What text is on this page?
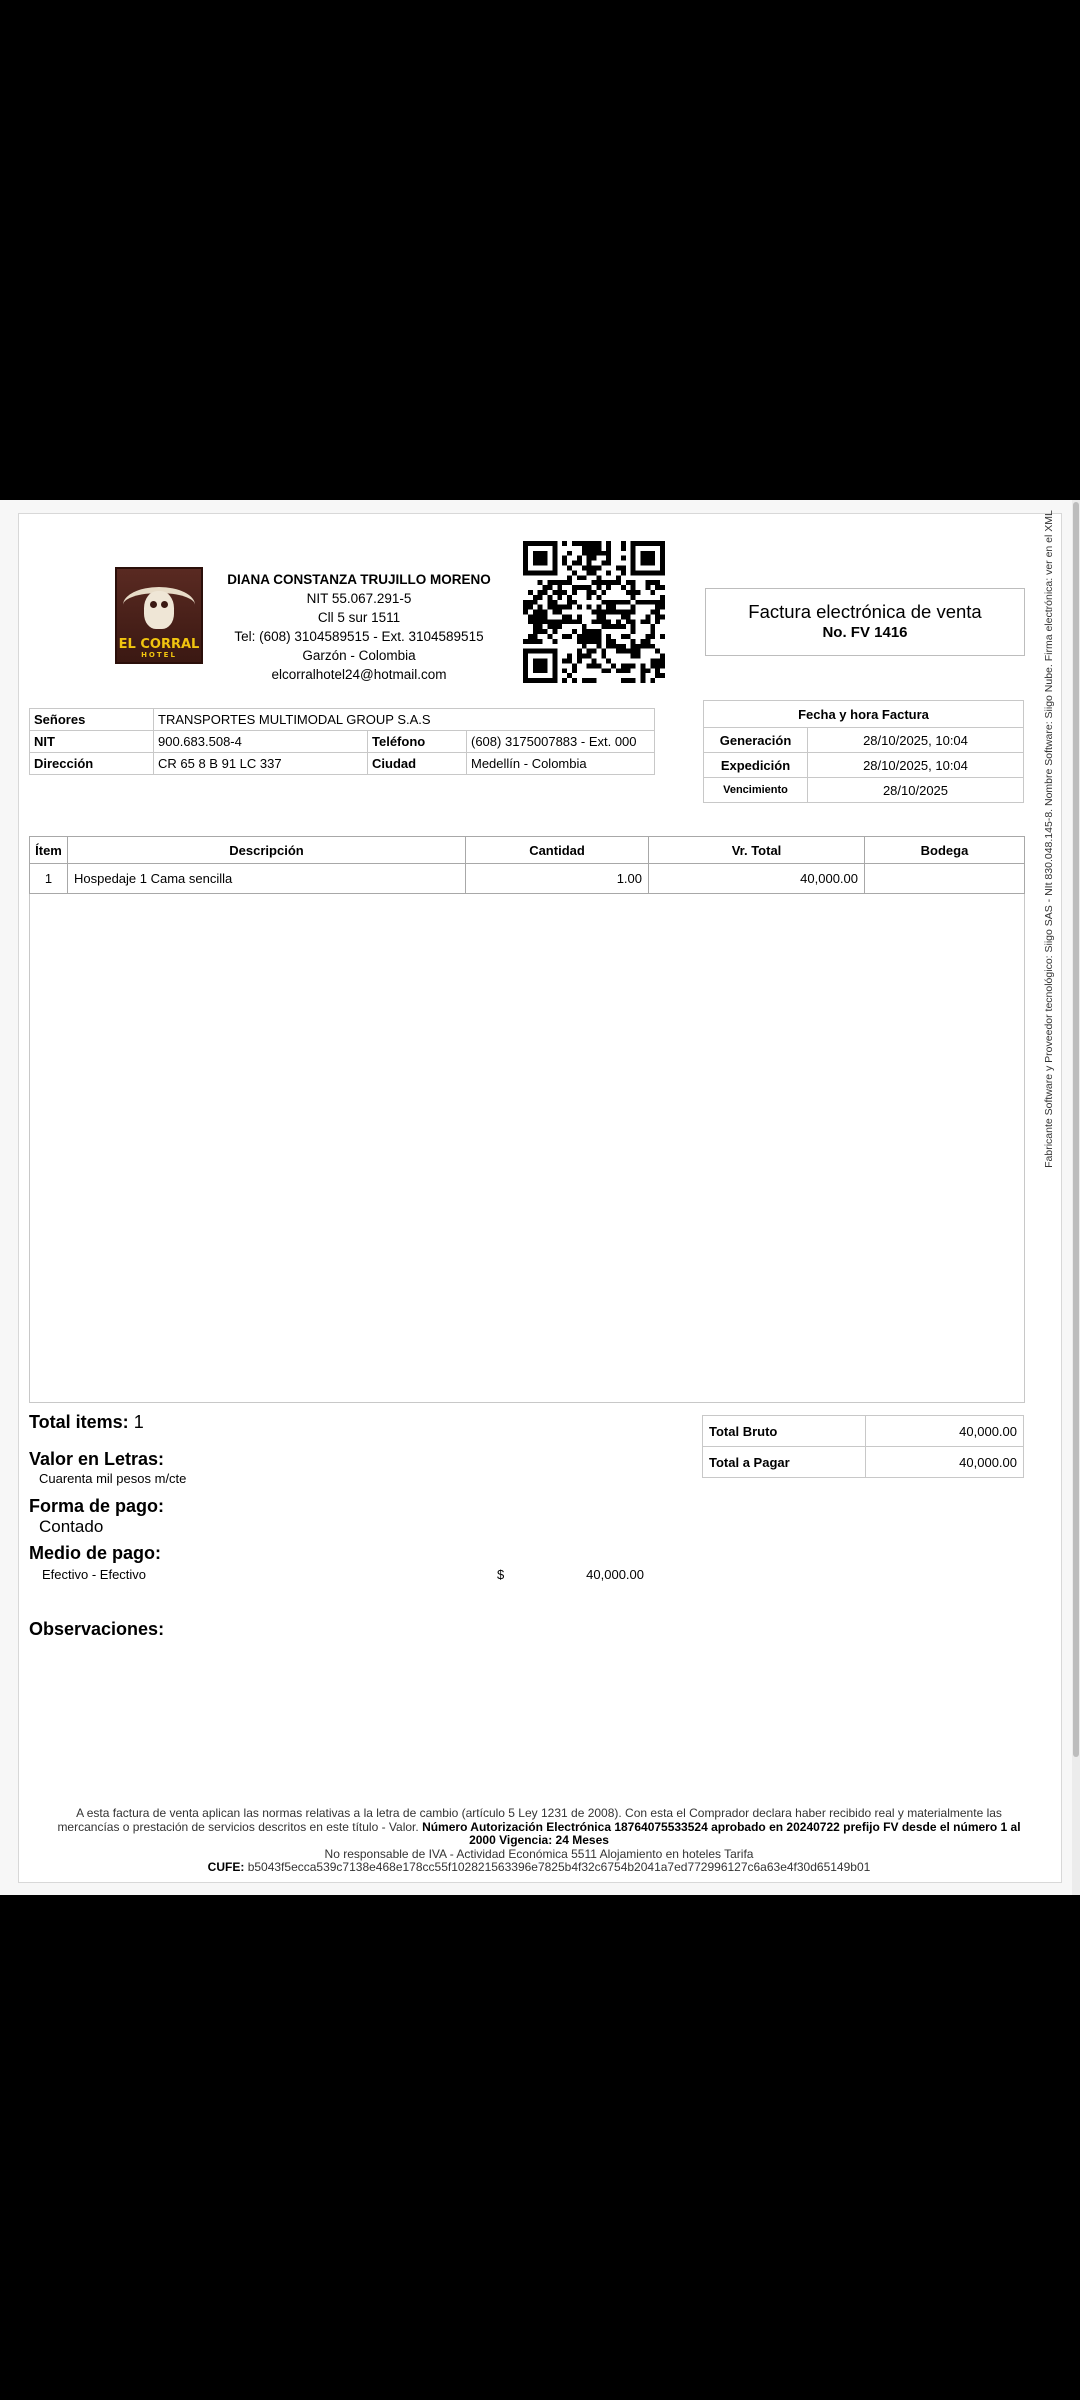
EL CORRAL
HOTEL
DIANA CONSTANZA TRUJILLO MORENO
NIT 55.067.291-5
Cll 5 sur 1511
Tel: (608) 3104589515 - Ext. 3104589515
Garzón - Colombia
elcorralhotel24@hotmail.com
Factura electrónica de venta
No. FV 1416
Señores	TRANSPORTES MULTIMODAL GROUP S.A.S		
NIT	900.683.508-4	Teléfono	(608) 3175007883 - Ext. 000
Dirección	CR 65 8 B 91 LC 337	Ciudad	Medellín - Colombia
Fecha y hora Factura	
Generación	28/10/2025, 10:04
Expedición	28/10/2025, 10:04
Vencimiento	28/10/2025
Ítem	Descripción	Cantidad	Vr. Total	Bodega
1	Hospedaje 1 Cama sencilla	1.00	40,000.00	
Total items: 1
Valor en Letras:
Cuarenta mil pesos m/cte
Forma de pago:
Contado
Medio de pago:
Efectivo - Efectivo	$	40,000.00
Observaciones:
Total Bruto	40,000.00
Total a Pagar	40,000.00
A esta factura de venta aplican las normas relativas a la letra de cambio (artículo 5 Ley 1231 de 2008). Con esta el Comprador declara haber recibido real y materialmente las mercancías o prestación de servicios descritos en este título - Valor. Número Autorización Electrónica 18764075533524 aprobado en 20240722 prefijo FV desde el número 1 al 2000 Vigencia: 24 Meses
No responsable de IVA - Actividad Económica 5511 Alojamiento en hoteles Tarifa
CUFE: b5043f5ecca539c7138e468e178cc55f102821563396e7825b4f32c6754b2041a7ed772996127c6a63e4f30d65149b01
Fabricante Software y Proveedor tecnológico: Siigo SAS - NIt 830.048.145-8. Nombre Software: Siigo Nube. Firma electrónica: ver en el XML
